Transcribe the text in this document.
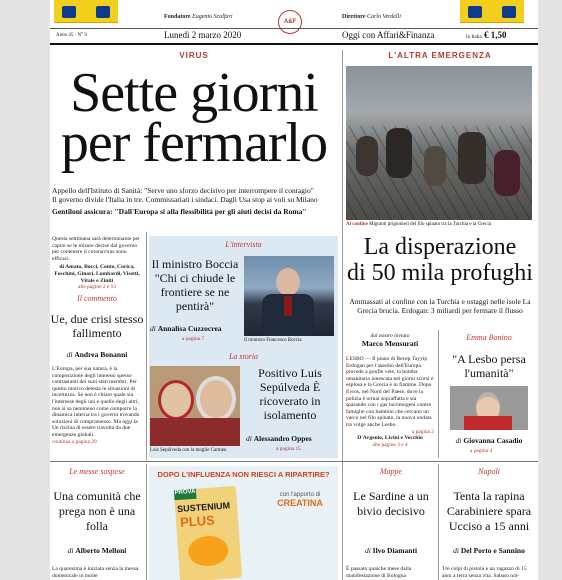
Fondatore Eugenio Scalfari
A&F
Direttore Carlo Verdelli
Anno 45 · N° 9	Lunedì 2 marzo 2020	Oggi con Affari&Finanza	In Italia € 1,50
VIRUS
Sette giorni
per fermarlo
Appello dell'Istituto di Sanità: "Serve uno sforzo decisivo per interrompere il contagio"
Il governo divide l'Italia in tre. Commissariati i sindaci. Dagli Usa stop ai voli su Milano
Gentiloni assicura: "Dall'Europa si alla flessibilità per gli aiuti decisi da Roma"
Questa settimana sarà determinante per capire se le misure decise dal governo per contenere il coronavirus sono efficaci.
di Amato, Bocci, Conte, Corica, Foschini, Ginori, Lombardi, Visetti, Vitale e Ziniti
alle pagine 2 e 13
Il commento
Ue, due crisi stesso fallimento
di Andrea Bonanni
L'Europa, per sua natura, è la composizione degli interessi spesso contrastanti dei suoi stati membri. Per questo motivo detesta le situazioni di incertezza. Se non è chiaro quale sia l'interesse degli uni e quello degli altri, non si sa nemmeno come comporre la dinamica interna tra i governi trovando soluzioni di compromesso. Ma oggi la Ue rischia di essere travolta da due emergenze globali.
continua a pagina 29
L'intervista
Il ministro Boccia "Chi ci chiude le frontiere se ne pentirà"
di Annalisa Cuzzocrea
a pagina 7	Il ministro Francesco Boccia
La storia
Luis Sepúlveda con la moglie Carmen
Positivo Luis Sepúlveda È ricoverato in isolamento
di Alessandro Oppes
a pagina 15
L'ALTRA EMERGENZA
Al confine Migranti prigionieri del filo spinato tra la Turchia e la Grecia
La disperazione
di 50 mila profughi
Ammassati al confine con la Turchia e ostaggi nelle isole La Grecia brucia. Erdogan: 3 miliardi per fermare il flusso
dal nostro inviato
Marco Mensurati
LESBO — Il piano di Recep Tayyip Erdogan per l'assedio dell'Europa procede a gonfie vele, la bomba umanitaria innescata nei giorni scorsi è esplosa e la Grecia è in fiamme. Dopo Evros, nel Nord del Paese, dove la polizia è ormai sopraffatta e sta sparando con i gas lacrimogeni contro famiglie con bambini che cercano un varco nel filo spinato, la nuova ondata tra volge anche Lesbo.
a pagina 2
D'Argenio, Livini e Vecchio
alle pagine 3 e 4
Emma Bonino
"A Lesbo persa l'umanità"
di Giovanna Casadio
a pagina 4
Le messe sospese
Una comunità che prega non è una folla
di Alberto Melloni
La quaresima è iniziata senza la messa domenicale in molte
DOPO L'INFLUENZA NON RIESCI A RIPARTIRE?
PROVA
SUSTENIUM
PLUS
con l'apporto di
CREATINA
Mappe
Le Sardine a un bivio decisivo
di Ilvo Diamanti
È passato qualche mese dalla manifestazione di Bologna
Napoli
Tenta la rapina Carabiniere spara Ucciso a 15 anni
di Del Porto e Sannino
Tre colpi di pistola e un ragazzo di 15 anni a terra senza vita. Sabato not-
